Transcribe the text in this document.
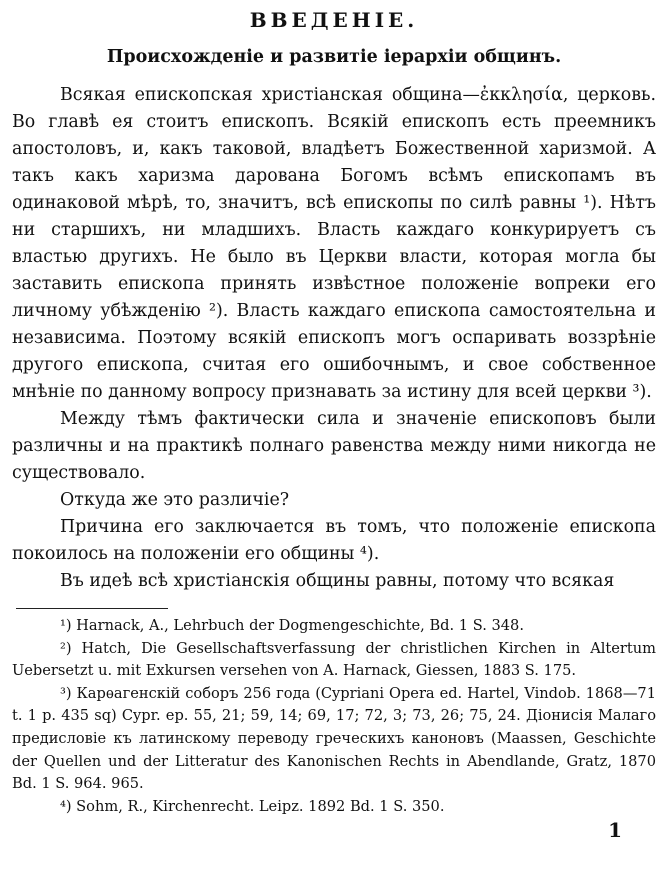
ВВЕДЕНІЕ.
Происхожденіе и развитіе іерархіи общинъ.

Всякая епископская христіанская община—ἐκκλησία, церковь. Во главѣ ея стоитъ епископъ. Всякій епископъ есть преемникъ апостоловъ, и, какъ таковой, владѣетъ Божественной харизмой. А такъ какъ харизма дарована Богомъ всѣмъ епископамъ въ одинаковой мѣрѣ, то, значитъ, всѣ епископы по силѣ равны ¹). Нѣтъ ни старшихъ, ни младшихъ. Власть каждаго конкурируетъ съ властью другихъ. Не было въ Церкви власти, которая могла бы заставить епископа принять извѣстное положеніе вопреки его личному убѣжденію ²). Власть каждаго епископа самостоятельна и независима. Поэтому всякій епископъ могъ оспаривать воззрѣніе другого епископа, считая его ошибочнымъ, и свое собственное мнѣніе по данному вопросу признавать за истину для всей церкви ³).

Между тѣмъ фактически сила и значеніе епископовъ были различны и на практикѣ полнаго равенства между ними никогда не существовало.

Откуда же это различіе?

Причина его заключается въ томъ, что положеніе епископа покоилось на положеніи его общины ⁴).

Въ идеѣ всѣ христіанскія общины равны, потому что всякая

¹) Harnack, A., Lehrbuch der Dogmengeschichte, Bd. 1 S. 348.

²) Hatch, Die Gesellschaftsverfassung der christlichen Kirchen in Altertum Uebersetzt u. mit Exkursen versehen von A. Harnack, Giessen, 1883 S. 175.

³) Карѳагенскій соборъ 256 года (Cypriani Opera ed. Hartel, Vindob. 1868—71 t. 1 p. 435 sq) Cypr. ep. 55, 21; 59, 14; 69, 17; 72, 3; 73, 26; 75, 24. Діонисія Малаго предисловіе къ латинскому переводу греческихъ каноновъ (Maassen, Geschichte der Quellen und der Litteratur des Kanonischen Rechts in Abendlande, Gratz, 1870 Bd. 1 S. 964. 965.

⁴) Sohm, R., Kirchenrecht. Leipz. 1892 Bd. 1 S. 350.

1
